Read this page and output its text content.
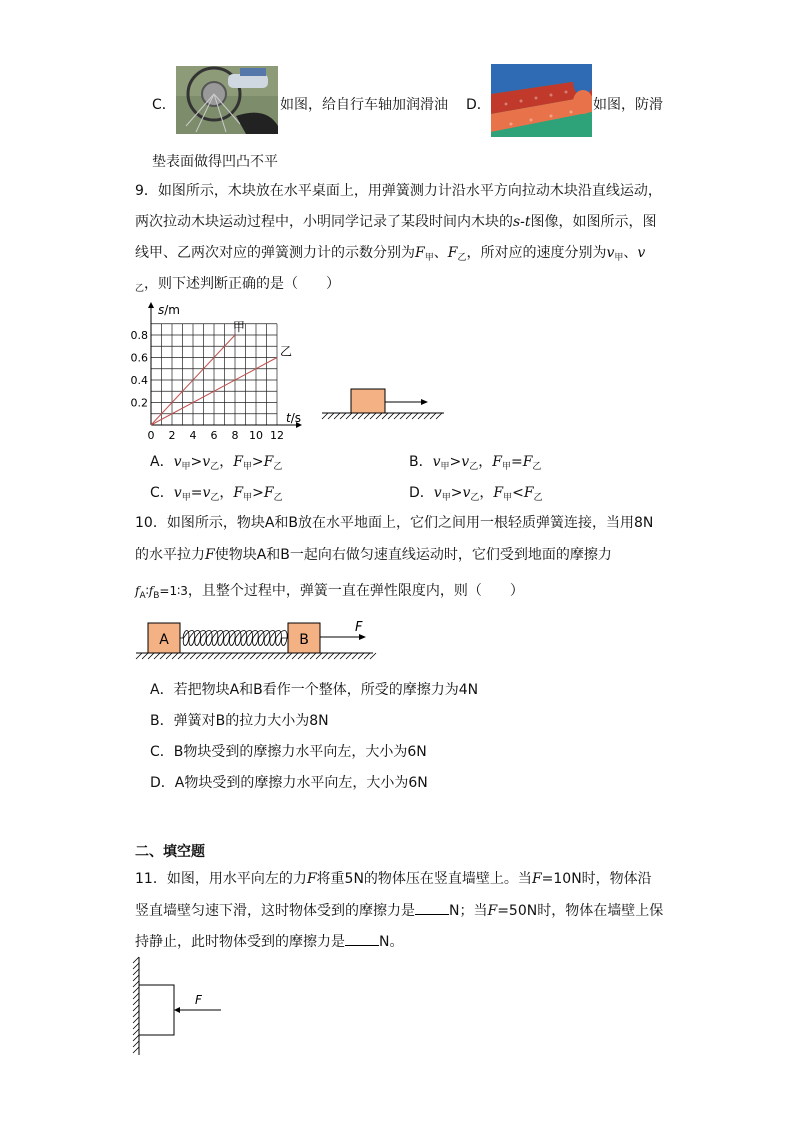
C．	如图，给自行车轴加润滑油 D．	如图，防滑
垫表面做得凹凸不平
9．如图所示，木块放在水平桌面上，用弹簧测力计沿水平方向拉动木块沿直线运动，
两次拉动木块运动过程中，小明同学记录了某段时间内木块的s-t图像，如图所示，图
线甲、乙两次对应的弹簧测力计的示数分别为$F_甲$、$F_乙$，所对应的速度分别为$v_甲$、v
$_乙$，则下述判断正确的是（　　）
0.8
0.6
0.4
0.2
0 2 4 6 8 10 12
s/m
t/s
甲
乙
A．$v_甲>v_乙$，$F_甲>F_乙$	B．$v_甲>v_乙$，$F_甲=F_乙$
C．$v_甲=v_乙$，$F_甲>F_乙$	D．$v_甲>v_乙$，$F_甲<F_乙$
10．如图所示，物块A和B放在水平地面上，它们之间用一根轻质弹簧连接，当用8N
的水平拉力F使物块A和B一起向右做匀速直线运动时，它们受到地面的摩擦力
$f_A∶f_B=1∶3$，且整个过程中，弹簧一直在弹性限度内，则（　　）
A	B
F
A．若把物块A和B看作一个整体，所受的摩擦力为4N
B．弹簧对B的拉力大小为8N
C．B物块受到的摩擦力水平向左，大小为6N
D．A物块受到的摩擦力水平向左，大小为6N
二、填空题
11．如图，用水平向左的力F将重5N的物体压在竖直墙壁上。当F=10N时，物体沿
竖直墙壁匀速下滑，这时物体受到的摩擦力是 N；当F=50N时，物体在墙壁上保
持静止，此时物体受到的摩擦力是 N。
F
